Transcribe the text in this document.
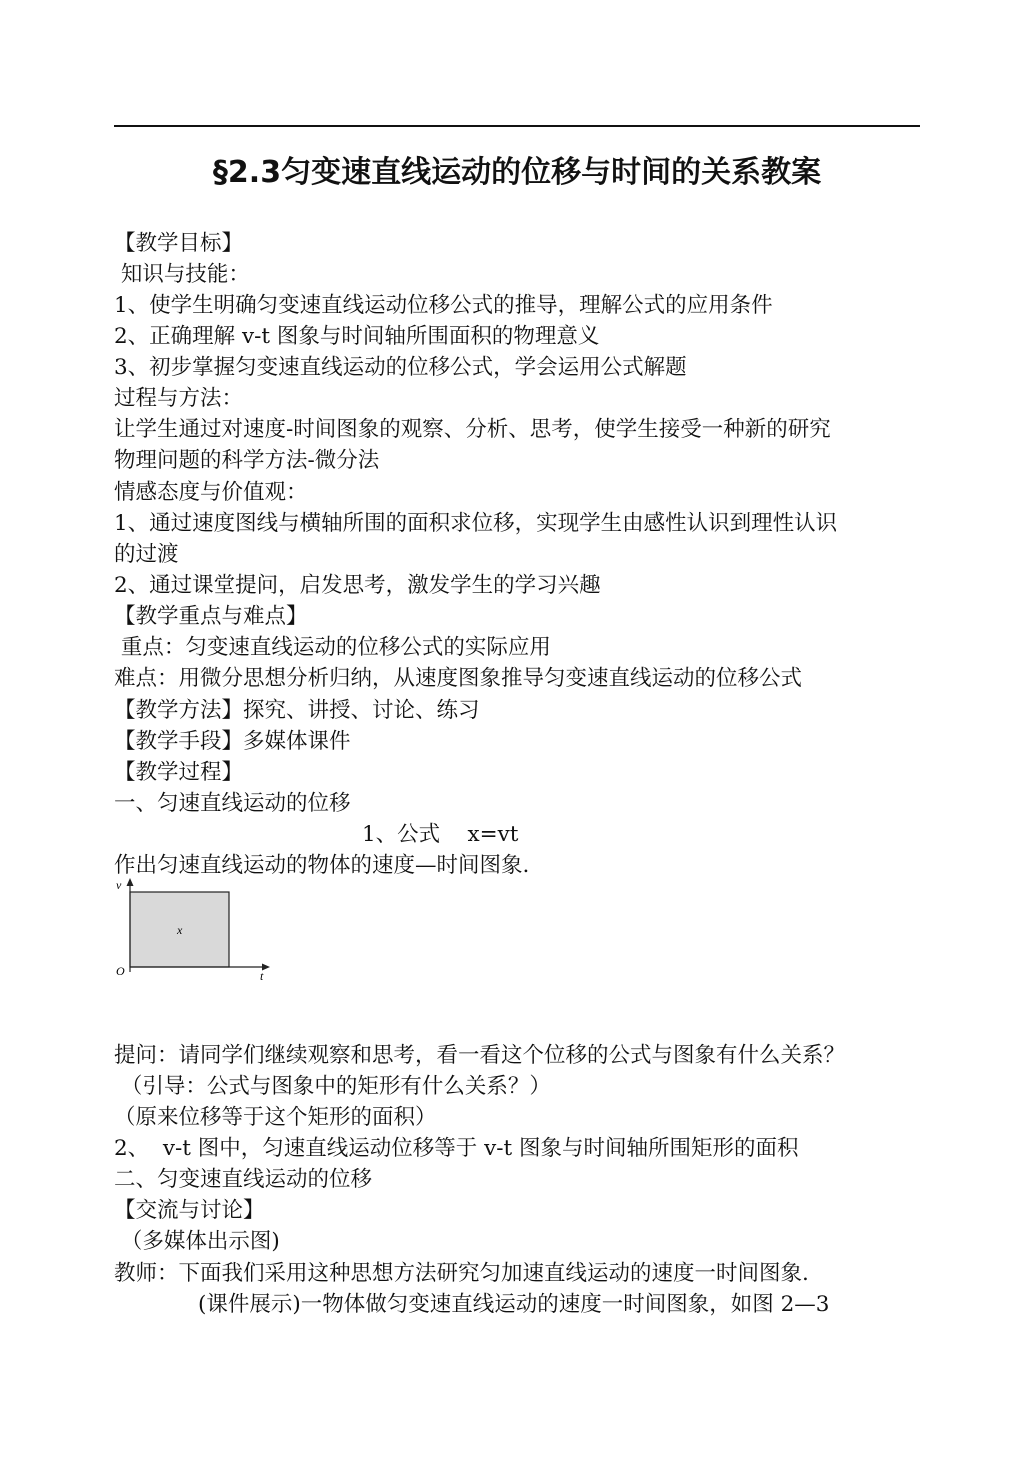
§2.3匀变速直线运动的位移与时间的关系教案
【教学目标】
知识与技能：
1、使学生明确匀变速直线运动位移公式的推导，理解公式的应用条件
2、正确理解 v-t 图象与时间轴所围面积的物理意义
3、初步掌握匀变速直线运动的位移公式，学会运用公式解题
过程与方法：
让学生通过对速度-时间图象的观察、分析、思考，使学生接受一种新的研究
物理问题的科学方法-微分法
情感态度与价值观：
1、通过速度图线与横轴所围的面积求位移，实现学生由感性认识到理性认识
的过渡
2、通过课堂提问，启发思考，激发学生的学习兴趣
【教学重点与难点】
重点：匀变速直线运动的位移公式的实际应用
难点：用微分思想分析归纳，从速度图象推导匀变速直线运动的位移公式
【教学方法】探究、讲授、讨论、练习
【教学手段】多媒体课件
【教学过程】
一、匀速直线运动的位移
1、公式    x=vt
作出匀速直线运动的物体的速度—时间图象.
v
t
O
x
提问：请同学们继续观察和思考，看一看这个位移的公式与图象有什么关系？
（引导：公式与图象中的矩形有什么关系？）
（原来位移等于这个矩形的面积）
2、  v-t 图中，匀速直线运动位移等于 v-t 图象与时间轴所围矩形的面积
二、匀变速直线运动的位移
【交流与讨论】
（多媒体出示图)
教师：下面我们采用这种思想方法研究匀加速直线运动的速度一时间图象.
(课件展示)一物体做匀变速直线运动的速度一时间图象，如图 2—3
